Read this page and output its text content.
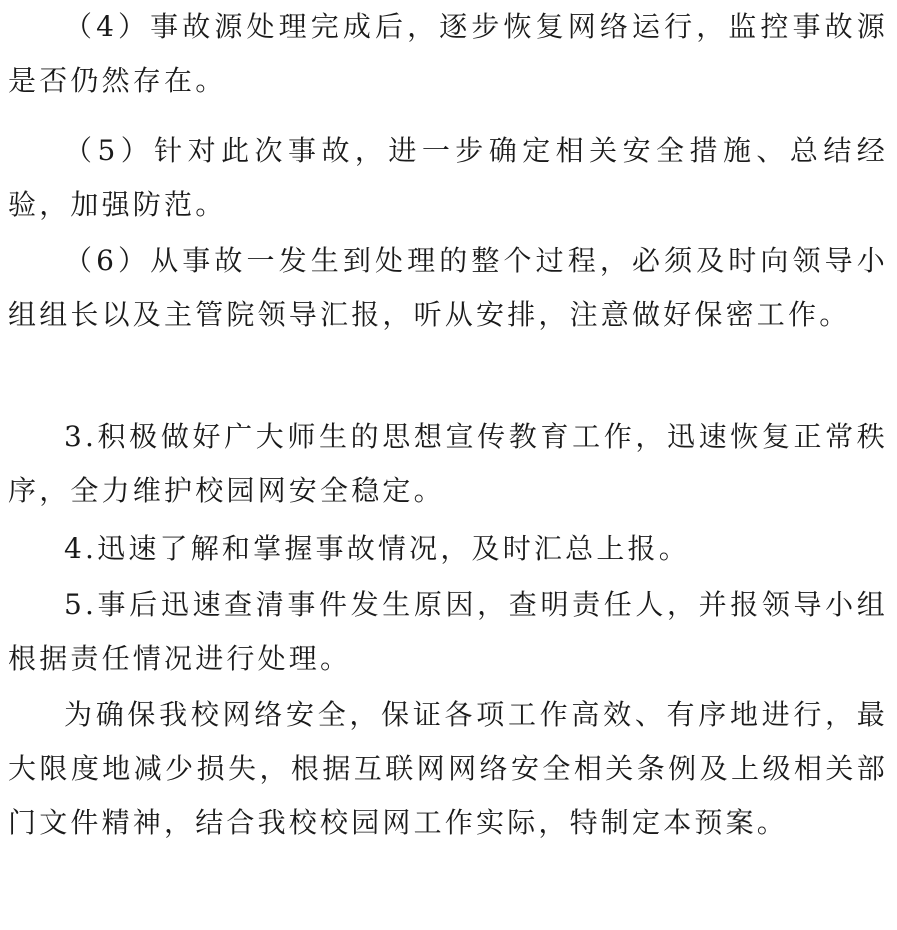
（4）事故源处理完成后，逐步恢复网络运行，监控事故源是否仍然存在。

（5）针对此次事故，进一步确定相关安全措施、总结经验，加强防范。

（6）从事故一发生到处理的整个过程，必须及时向领导小组组长以及主管院领导汇报，听从安排，注意做好保密工作。

3.积极做好广大师生的思想宣传教育工作，迅速恢复正常秩序，全力维护校园网安全稳定。

4.迅速了解和掌握事故情况，及时汇总上报。

5.事后迅速查清事件发生原因，查明责任人，并报领导小组根据责任情况进行处理。

为确保我校网络安全，保证各项工作高效、有序地进行，最大限度地减少损失，根据互联网网络安全相关条例及上级相关部门文件精神，结合我校校园网工作实际，特制定本预案。
